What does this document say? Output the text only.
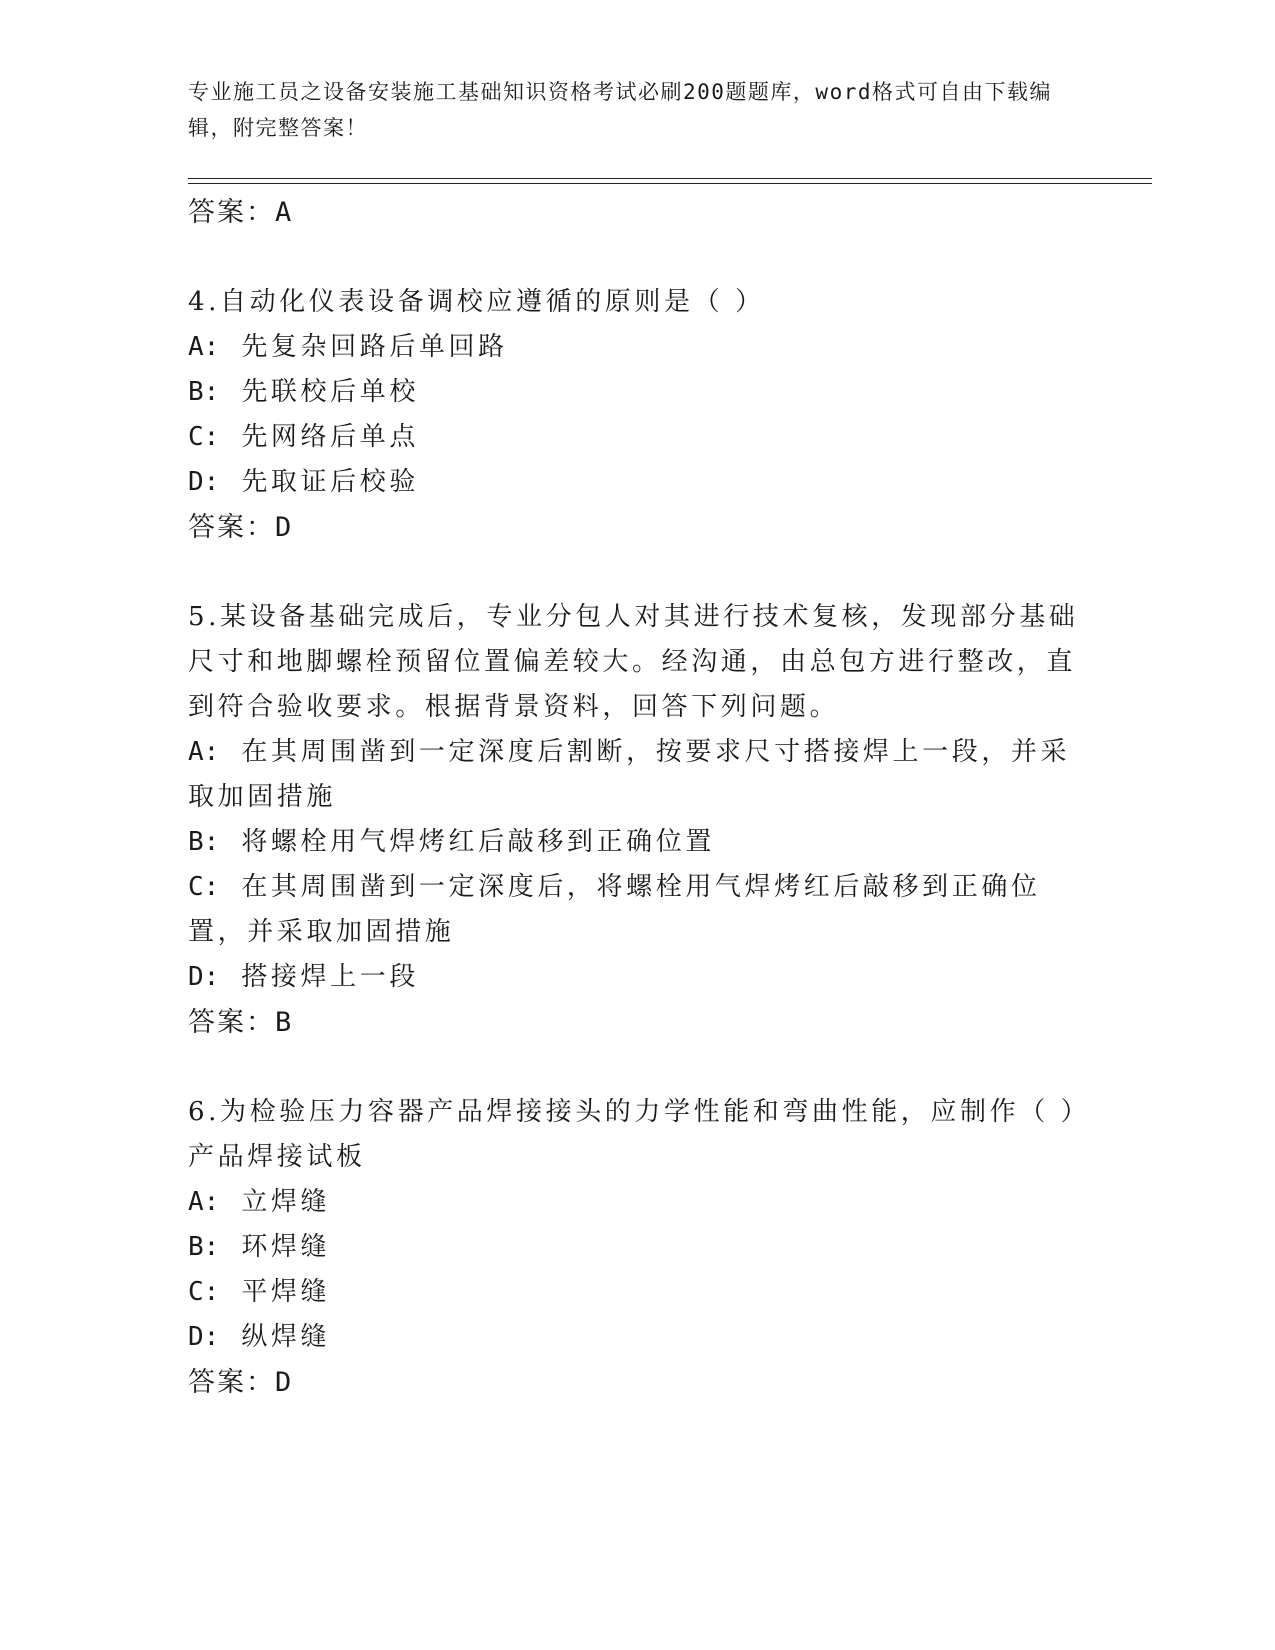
专业施工员之设备安装施工基础知识资格考试必刷200题题库，word格式可自由下载编辑，附完整答案！

答案：A

4.自动化仪表设备调校应遵循的原则是（ ）

A: 先复杂回路后单回路

B: 先联校后单校

C: 先网络后单点

D: 先取证后校验

答案：D

5.某设备基础完成后，专业分包人对其进行技术复核，发现部分基础尺寸和地脚螺栓预留位置偏差较大。经沟通，由总包方进行整改，直到符合验收要求。根据背景资料，回答下列问题。

A: 在其周围凿到一定深度后割断，按要求尺寸搭接焊上一段，并采取加固措施

B: 将螺栓用气焊烤红后敲移到正确位置

C: 在其周围凿到一定深度后，将螺栓用气焊烤红后敲移到正确位置，并采取加固措施

D: 搭接焊上一段

答案：B

6.为检验压力容器产品焊接接头的力学性能和弯曲性能，应制作（ ）产品焊接试板

A: 立焊缝

B: 环焊缝

C: 平焊缝

D: 纵焊缝

答案：D
